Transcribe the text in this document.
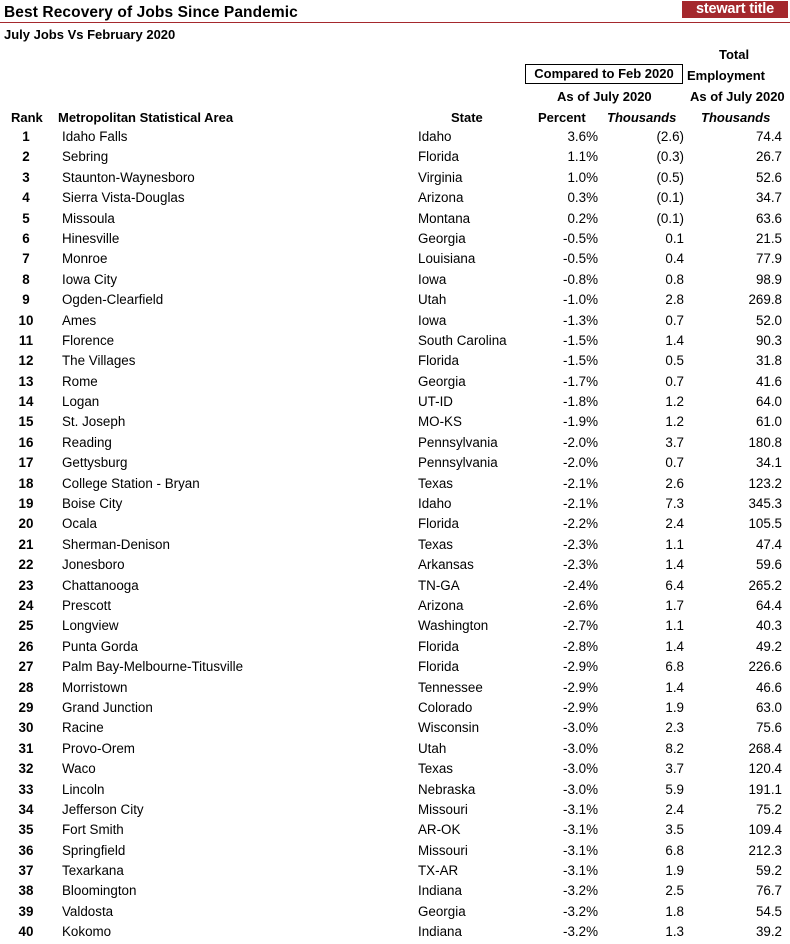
Best Recovery of Jobs Since Pandemic	stewart title
July Jobs Vs February 2020
Total
Compared to Feb 2020	Employment
As of July 2020	As of July 2020
Rank Metropolitan Statistical Area	State	Percent Thousands Thousands
1	Idaho Falls	Idaho	3.6%	(2.6)	74.4
2	Sebring	Florida	1.1%	(0.3)	26.7
3	Staunton-Waynesboro	Virginia	1.0%	(0.5)	52.6
4	Sierra Vista-Douglas	Arizona	0.3%	(0.1)	34.7
5	Missoula	Montana	0.2%	(0.1)	63.6
6	Hinesville	Georgia	-0.5%	0.1	21.5
7	Monroe	Louisiana	-0.5%	0.4	77.9
8	Iowa City	Iowa	-0.8%	0.8	98.9
9	Ogden-Clearfield	Utah	-1.0%	2.8	269.8
10	Ames	Iowa	-1.3%	0.7	52.0
11	Florence	South Carolina	-1.5%	1.4	90.3
12	The Villages	Florida	-1.5%	0.5	31.8
13	Rome	Georgia	-1.7%	0.7	41.6
14	Logan	UT-ID	-1.8%	1.2	64.0
15	St. Joseph	MO-KS	-1.9%	1.2	61.0
16	Reading	Pennsylvania	-2.0%	3.7	180.8
17	Gettysburg	Pennsylvania	-2.0%	0.7	34.1
18	College Station - Bryan	Texas	-2.1%	2.6	123.2
19	Boise City	Idaho	-2.1%	7.3	345.3
20	Ocala	Florida	-2.2%	2.4	105.5
21	Sherman-Denison	Texas	-2.3%	1.1	47.4
22	Jonesboro	Arkansas	-2.3%	1.4	59.6
23	Chattanooga	TN-GA	-2.4%	6.4	265.2
24	Prescott	Arizona	-2.6%	1.7	64.4
25	Longview	Washington	-2.7%	1.1	40.3
26	Punta Gorda	Florida	-2.8%	1.4	49.2
27	Palm Bay-Melbourne-Titusville	Florida	-2.9%	6.8	226.6
28	Morristown	Tennessee	-2.9%	1.4	46.6
29	Grand Junction	Colorado	-2.9%	1.9	63.0
30	Racine	Wisconsin	-3.0%	2.3	75.6
31	Provo-Orem	Utah	-3.0%	8.2	268.4
32	Waco	Texas	-3.0%	3.7	120.4
33	Lincoln	Nebraska	-3.0%	5.9	191.1
34	Jefferson City	Missouri	-3.1%	2.4	75.2
35	Fort Smith	AR-OK	-3.1%	3.5	109.4
36	Springfield	Missouri	-3.1%	6.8	212.3
37	Texarkana	TX-AR	-3.1%	1.9	59.2
38	Bloomington	Indiana	-3.2%	2.5	76.7
39	Valdosta	Georgia	-3.2%	1.8	54.5
40	Kokomo	Indiana	-3.2%	1.3	39.2
